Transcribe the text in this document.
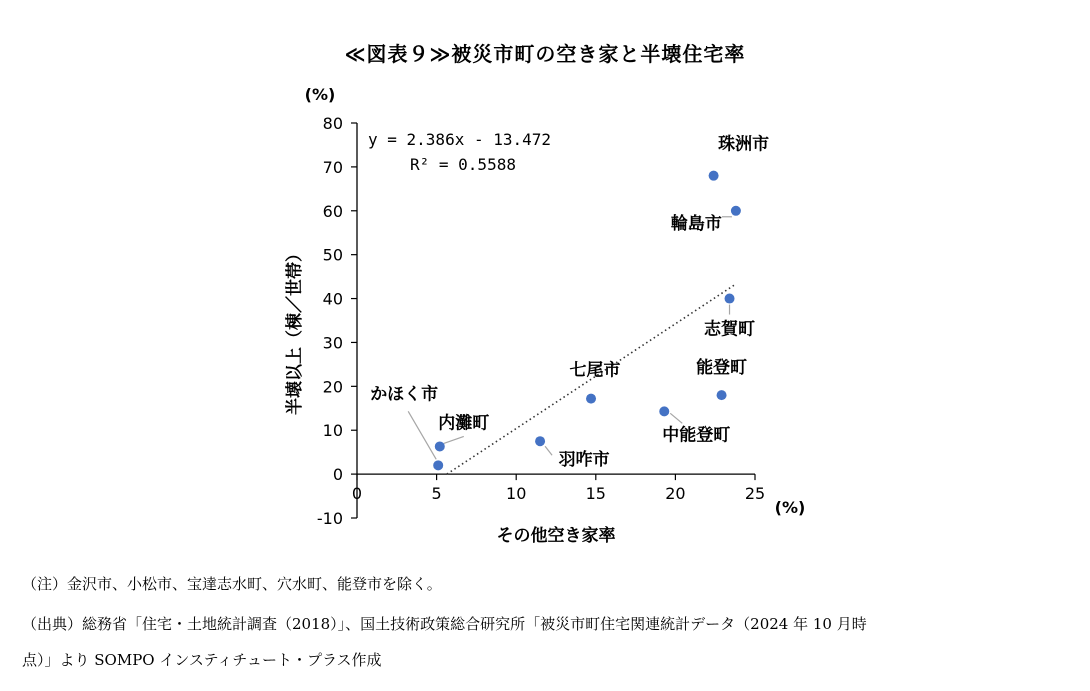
≪図表９≫被災市町の空き家と半壊住宅率
-10
0
10
20
30
40
50
60
70
80
0	5	10	15	20	25
珠洲市
輪島市
志賀町
能登町
中能登町
七尾市
羽咋市
内灘町
かほく市
y = 2.386x - 13.472
R² = 0.5588
(%)
(%)
その他空き家率
半壊以上（棟／世帯）
（注）金沢市、小松市、宝達志水町、穴水町、能登市を除く。
（出典）総務省「住宅・土地統計調査（2018）」、国土技術政策総合研究所「被災市町住宅関連統計データ（2024 年 10 月時
点）」より SOMPO インスティチュート・プラス作成
